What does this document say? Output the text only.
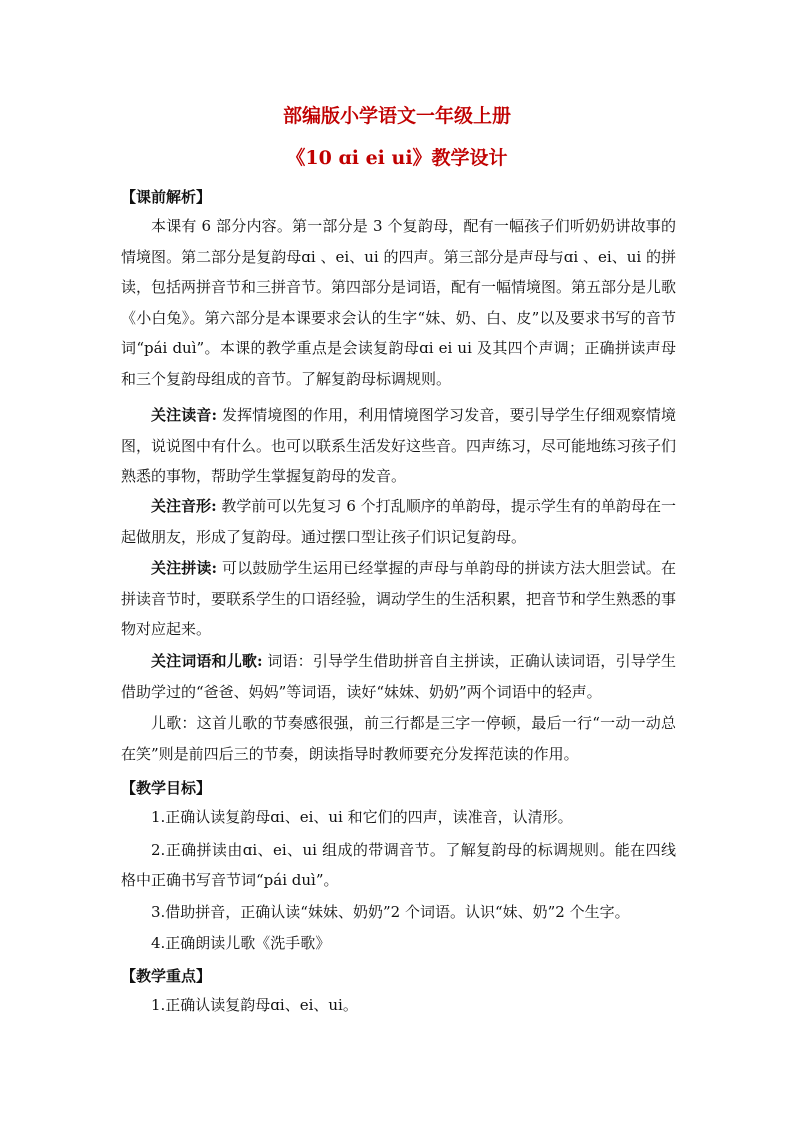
部编版小学语文一年级上册
《10 ɑi ei ui》教学设计
【课前解析】
本课有 6 部分内容。第一部分是 3 个复韵母，配有一幅孩子们听奶奶讲故事的情境图。第二部分是复韵母ɑi 、ei、ui 的四声。第三部分是声母与ɑi 、ei、ui 的拼读，包括两拼音节和三拼音节。第四部分是词语，配有一幅情境图。第五部分是儿歌《小白兔》。第六部分是本课要求会认的生字“妹、奶、白、皮”以及要求书写的音节词“pái duì”。本课的教学重点是会读复韵母ɑi ei ui 及其四个声调；正确拼读声母和三个复韵母组成的音节。了解复韵母标调规则。
关注读音: 发挥情境图的作用，利用情境图学习发音，要引导学生仔细观察情境图，说说图中有什么。也可以联系生活发好这些音。四声练习，尽可能地练习孩子们熟悉的事物，帮助学生掌握复韵母的发音。
关注音形: 教学前可以先复习 6 个打乱顺序的单韵母，提示学生有的单韵母在一起做朋友，形成了复韵母。通过摆口型让孩子们识记复韵母。
关注拼读: 可以鼓励学生运用已经掌握的声母与单韵母的拼读方法大胆尝试。在拼读音节时，要联系学生的口语经验，调动学生的生活积累，把音节和学生熟悉的事物对应起来。
关注词语和儿歌: 词语：引导学生借助拼音自主拼读，正确认读词语，引导学生借助学过的“爸爸、妈妈”等词语，读好“妹妹、奶奶”两个词语中的轻声。
儿歌：这首儿歌的节奏感很强，前三行都是三字一停顿，最后一行“一动一动总在笑”则是前四后三的节奏，朗读指导时教师要充分发挥范读的作用。
【教学目标】
1.正确认读复韵母ɑi、ei、ui 和它们的四声，读准音，认清形。
2.正确拼读由ɑi、ei、ui 组成的带调音节。了解复韵母的标调规则。能在四线格中正确书写音节词“pái duì”。
3.借助拼音，正确认读“妹妹、奶奶”2 个词语。认识“妹、奶”2 个生字。
4.正确朗读儿歌《洗手歌》
【教学重点】
1.正确认读复韵母ɑi、ei、ui。
